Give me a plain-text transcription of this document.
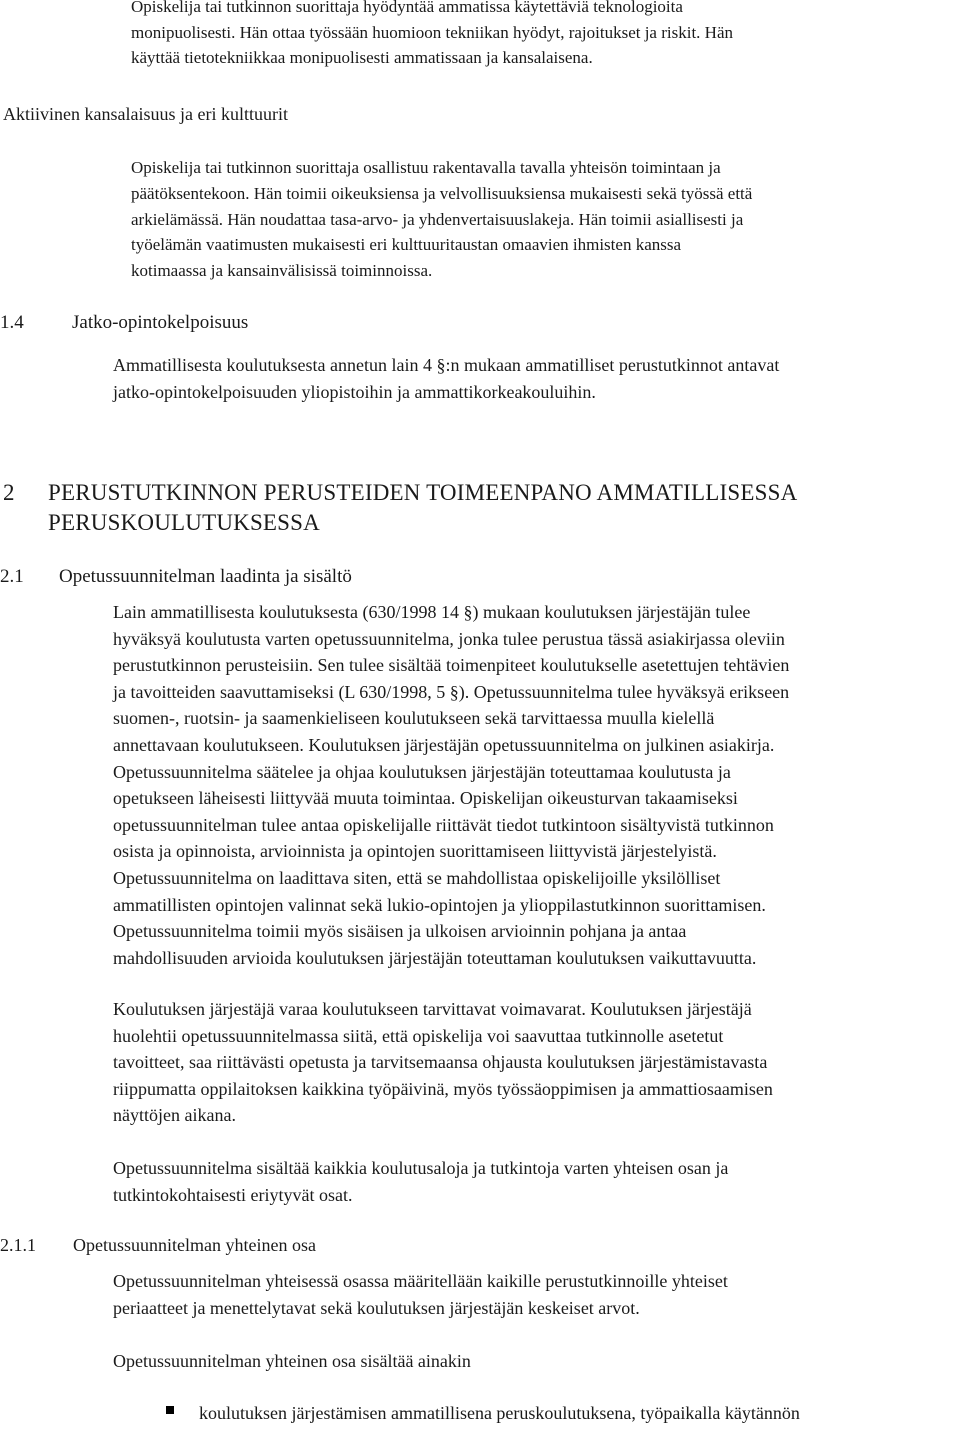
Opiskelija tai tutkinnon suorittaja hyödyntää ammatissa käytettäviä teknologioita
monipuolisesti. Hän ottaa työssään huomioon tekniikan hyödyt, rajoitukset ja riskit. Hän
käyttää tietotekniikkaa monipuolisesti ammatissaan ja kansalaisena.
Aktiivinen kansalaisuus ja eri kulttuurit
Opiskelija tai tutkinnon suorittaja osallistuu rakentavalla tavalla yhteisön toimintaan ja
päätöksentekoon. Hän toimii oikeuksiensa ja velvollisuuksiensa mukaisesti sekä työssä että
arkielämässä. Hän noudattaa tasa-arvo- ja yhdenvertaisuuslakeja. Hän toimii asiallisesti ja
työelämän vaatimusten mukaisesti eri kulttuuritaustan omaavien ihmisten kanssa
kotimaassa ja kansainvälisissä toiminnoissa.
1.4	Jatko-opintokelpoisuus
Ammatillisesta koulutuksesta annetun lain 4 §:n mukaan ammatilliset perustutkinnot antavat
jatko-opintokelpoisuuden yliopistoihin ja ammattikorkeakouluihin.
2 PERUSTUTKINNON PERUSTEIDEN TOIMEENPANO AMMATILLISESSA
PERUSKOULUTUKSESSA
2.1 Opetussuunnitelman laadinta ja sisältö
Lain ammatillisesta koulutuksesta (630/1998 14 §) mukaan koulutuksen järjestäjän tulee
hyväksyä koulutusta varten opetussuunnitelma, jonka tulee perustua tässä asiakirjassa oleviin
perustutkinnon perusteisiin. Sen tulee sisältää toimenpiteet koulutukselle asetettujen tehtävien
ja tavoitteiden saavuttamiseksi (L 630/1998, 5 §). Opetussuunnitelma tulee hyväksyä erikseen
suomen-, ruotsin- ja saamenkieliseen koulutukseen sekä tarvittaessa muulla kielellä
annettavaan koulutukseen. Koulutuksen järjestäjän opetussuunnitelma on julkinen asiakirja.
Opetussuunnitelma säätelee ja ohjaa koulutuksen järjestäjän toteuttamaa koulutusta ja
opetukseen läheisesti liittyvää muuta toimintaa. Opiskelijan oikeusturvan takaamiseksi
opetussuunnitelman tulee antaa opiskelijalle riittävät tiedot tutkintoon sisältyvistä tutkinnon
osista ja opinnoista, arvioinnista ja opintojen suorittamiseen liittyvistä järjestelyistä.
Opetussuunnitelma on laadittava siten, että se mahdollistaa opiskelijoille yksilölliset
ammatillisten opintojen valinnat sekä lukio-opintojen ja ylioppilastutkinnon suorittamisen.
Opetussuunnitelma toimii myös sisäisen ja ulkoisen arvioinnin pohjana ja antaa
mahdollisuuden arvioida koulutuksen järjestäjän toteuttaman koulutuksen vaikuttavuutta.
Koulutuksen järjestäjä varaa koulutukseen tarvittavat voimavarat. Koulutuksen järjestäjä
huolehtii opetussuunnitelmassa siitä, että opiskelija voi saavuttaa tutkinnolle asetetut
tavoitteet, saa riittävästi opetusta ja tarvitsemaansa ohjausta koulutuksen järjestämistavasta
riippumatta oppilaitoksen kaikkina työpäivinä, myös työssäoppimisen ja ammattiosaamisen
näyttöjen aikana.
Opetussuunnitelma sisältää kaikkia koulutusaloja ja tutkintoja varten yhteisen osan ja
tutkintokohtaisesti eriytyvät osat.
2.1.1 Opetussuunnitelman yhteinen osa
Opetussuunnitelman yhteisessä osassa määritellään kaikille perustutkinnoille yhteiset
periaatteet ja menettelytavat sekä koulutuksen järjestäjän keskeiset arvot.
Opetussuunnitelman yhteinen osa sisältää ainakin
koulutuksen järjestämisen ammatillisena peruskoulutuksena, työpaikalla käytännön
